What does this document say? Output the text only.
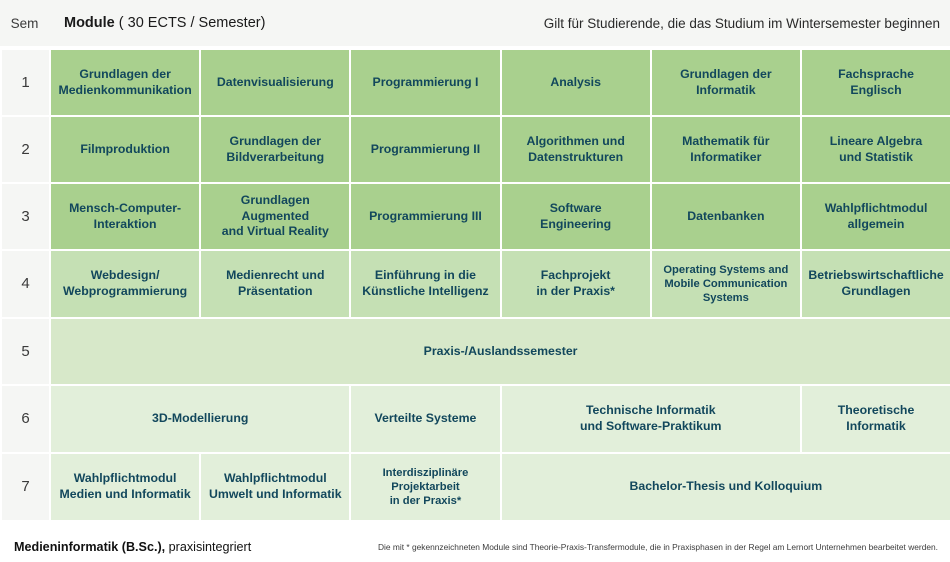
Sem	Module ( 30 ECTS / Semester)	Gilt für Studierende, die das Studium im Wintersemester beginnen
1	Grundlagen der
Medienkommunikation	Datenvisualisierung	Programmierung I	Analysis	Grundlagen der
Informatik	Fachsprache
Englisch
2	Filmproduktion	Grundlagen der
Bildverarbeitung	Programmierung II	Algorithmen und
Datenstrukturen	Mathematik für
Informatiker	Lineare Algebra
und Statistik
3	Mensch-Computer-
Interaktion	Grundlagen Augmented
and Virtual Reality	Programmierung III	Software
Engineering	Datenbanken	Wahlpflichtmodul
allgemein
4	Webdesign/
Webprogrammierung	Medienrecht und
Präsentation	Einführung in die
Künstliche Intelligenz	Fachprojekt
in der Praxis*	Operating Systems and
Mobile Communication
Systems	Betriebswirtschaftliche
Grundlagen
5	Praxis-/Auslandssemester					
6	3D-Modellierung		Verteilte Systeme	Technische Informatik
und Software-Praktikum		Theoretische
Informatik
7	Wahlpflichtmodul
Medien und Informatik	Wahlpflichtmodul
Umwelt und Informatik	Interdisziplinäre
Projektarbeit
in der Praxis*	Bachelor-Thesis und Kolloquium		
Medieninformatik (B.Sc.), praxisintegriert	Die mit * gekennzeichneten Module sind Theorie-Praxis-Transfermodule, die in Praxisphasen in der Regel am Lernort Unternehmen bearbeitet werden.
